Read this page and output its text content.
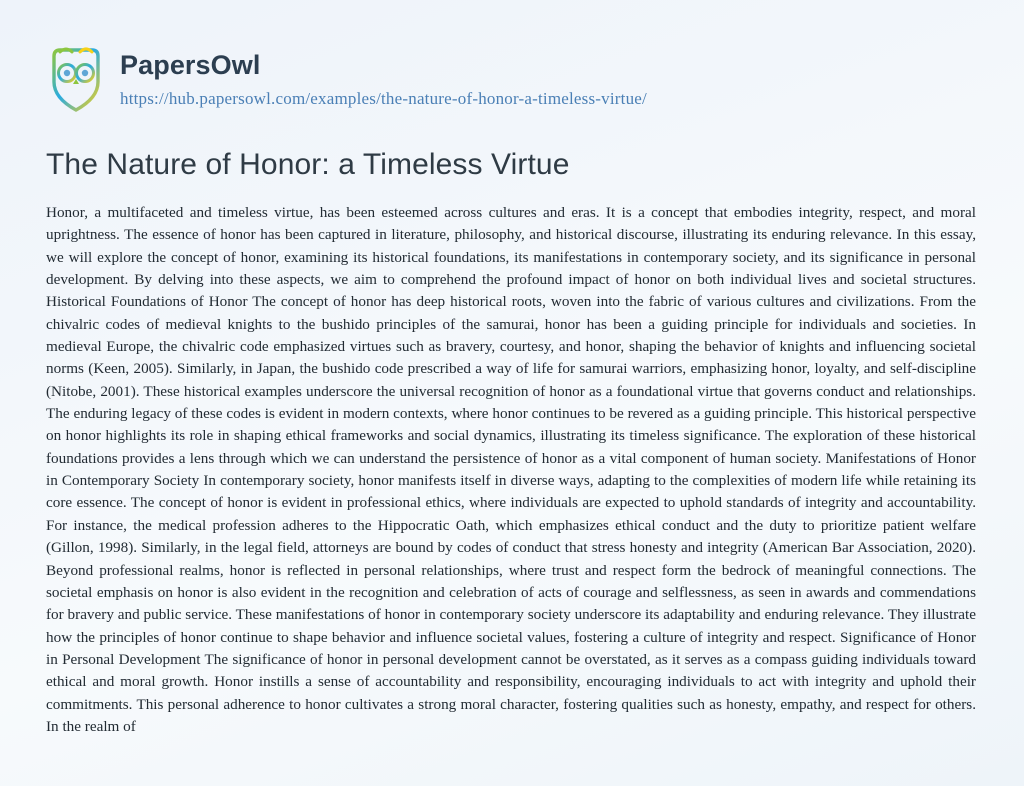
PapersOwl
https://hub.papersowl.com/examples/the-nature-of-honor-a-timeless-virtue/
The Nature of Honor: a Timeless Virtue

Honor, a multifaceted and timeless virtue, has been esteemed across cultures and eras. It is a concept that embodies integrity, respect, and moral uprightness. The essence of honor has been captured in literature, philosophy, and historical discourse, illustrating its enduring relevance. In this essay, we will explore the concept of honor, examining its historical foundations, its manifestations in contemporary society, and its significance in personal development. By delving into these aspects, we aim to comprehend the profound impact of honor on both individual lives and societal structures. Historical Foundations of Honor The concept of honor has deep historical roots, woven into the fabric of various cultures and civilizations. From the chivalric codes of medieval knights to the bushido principles of the samurai, honor has been a guiding principle for individuals and societies. In medieval Europe, the chivalric code emphasized virtues such as bravery, courtesy, and honor, shaping the behavior of knights and influencing societal norms (Keen, 2005). Similarly, in Japan, the bushido code prescribed a way of life for samurai warriors, emphasizing honor, loyalty, and self-discipline (Nitobe, 2001). These historical examples underscore the universal recognition of honor as a foundational virtue that governs conduct and relationships. The enduring legacy of these codes is evident in modern contexts, where honor continues to be revered as a guiding principle. This historical perspective on honor highlights its role in shaping ethical frameworks and social dynamics, illustrating its timeless significance. The exploration of these historical foundations provides a lens through which we can understand the persistence of honor as a vital component of human society. Manifestations of Honor in Contemporary Society In contemporary society, honor manifests itself in diverse ways, adapting to the complexities of modern life while retaining its core essence. The concept of honor is evident in professional ethics, where individuals are expected to uphold standards of integrity and accountability. For instance, the medical profession adheres to the Hippocratic Oath, which emphasizes ethical conduct and the duty to prioritize patient welfare (Gillon, 1998). Similarly, in the legal field, attorneys are bound by codes of conduct that stress honesty and integrity (American Bar Association, 2020). Beyond professional realms, honor is reflected in personal relationships, where trust and respect form the bedrock of meaningful connections. The societal emphasis on honor is also evident in the recognition and celebration of acts of courage and selflessness, as seen in awards and commendations for bravery and public service. These manifestations of honor in contemporary society underscore its adaptability and enduring relevance. They illustrate how the principles of honor continue to shape behavior and influence societal values, fostering a culture of integrity and respect. Significance of Honor in Personal Development The significance of honor in personal development cannot be overstated, as it serves as a compass guiding individuals toward ethical and moral growth. Honor instills a sense of accountability and responsibility, encouraging individuals to act with integrity and uphold their commitments. This personal adherence to honor cultivates a strong moral character, fostering qualities such as honesty, empathy, and respect for others. In the realm of
